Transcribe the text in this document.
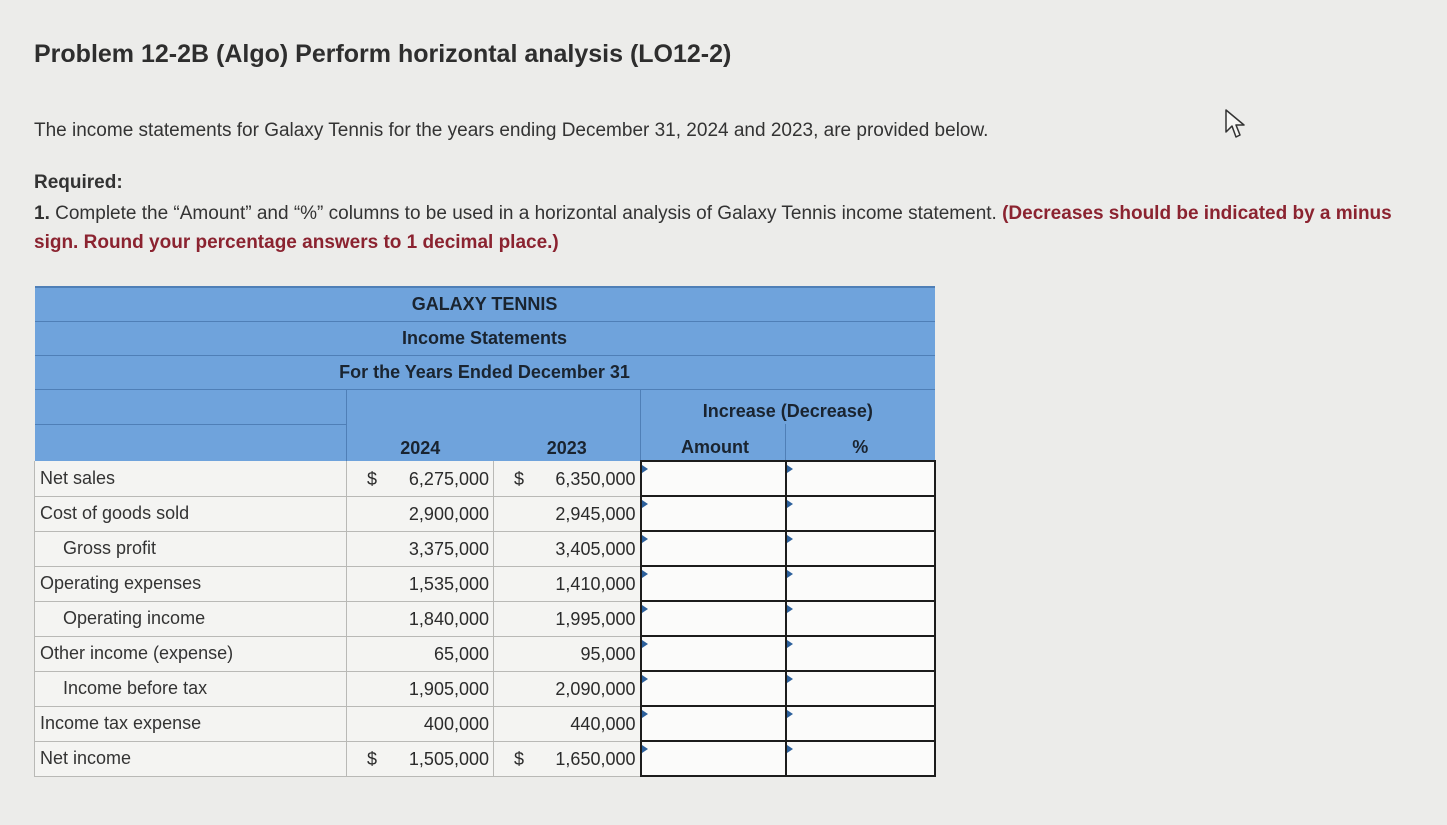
Problem 12-2B (Algo) Perform horizontal analysis (LO12-2)
The income statements for Galaxy Tennis for the years ending December 31, 2024 and 2023, are provided below.
Required:
1. Complete the “Amount” and “%” columns to be used in a horizontal analysis of Galaxy Tennis income statement. (Decreases should be indicated by a minus sign. Round your percentage answers to 1 decimal place.)
GALAXY TENNIS				
Income Statements				
For the Years Ended December 31				
			Increase (Decrease)	
	2024	2023	Amount	%
Net sales	$ 6,275,000	$ 6,350,000

Cost of goods sold	2,900,000	2,945,000

Gross profit	3,375,000	3,405,000

Operating expenses	1,535,000	1,410,000

Operating income	1,840,000	1,995,000

Other income (expense)	65,000	95,000

Income before tax	1,905,000	2,090,000

Income tax expense	400,000	440,000

Net income	$ 1,505,000	$ 1,650,000
